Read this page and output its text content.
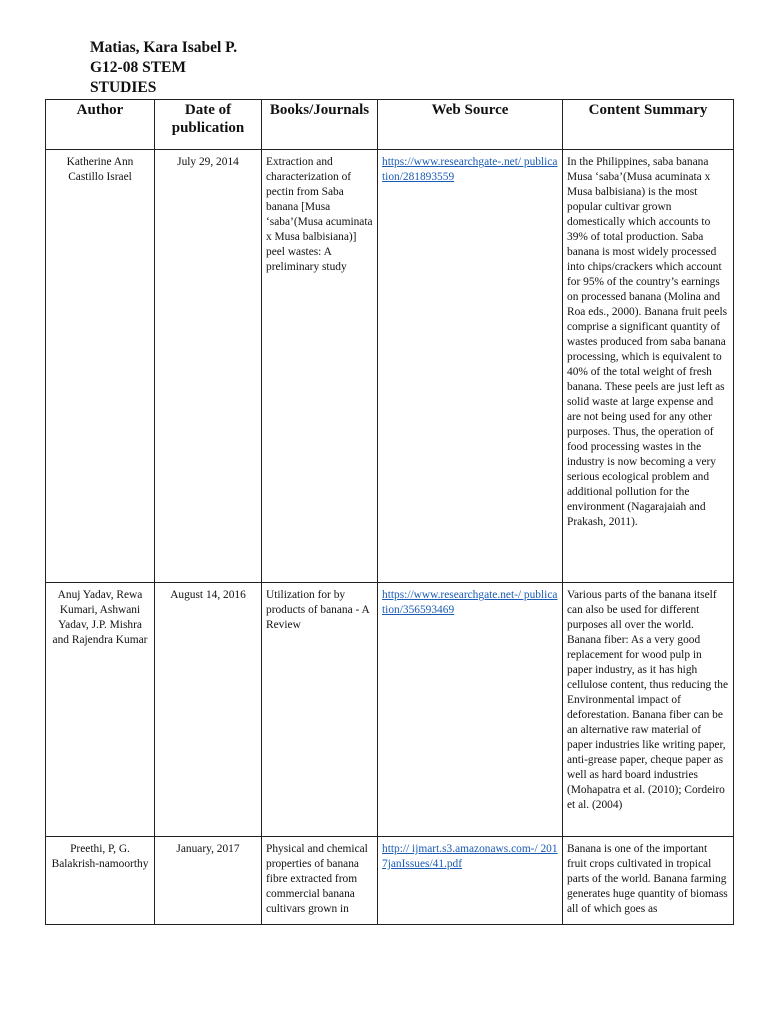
Matias, Kara Isabel P.
G12-08 STEM
STUDIES
Author	Date of publication	Books/Journals	Web Source	Content Summary
Katherine Ann Castillo Israel	July 29, 2014	Extraction and characterization of pectin from Saba banana [Musa ‘saba’(Musa acuminata x Musa balbisiana)] peel wastes: A preliminary study	https://www.researchgate-.net/ publication/281893559	In the Philippines, saba banana Musa ‘saba’(Musa acuminata x Musa balbisiana) is the most popular cultivar grown domestically which accounts to 39% of total production. Saba banana is most widely processed into chips/crackers which account for 95% of the country’s earnings on processed banana (Molina and Roa eds., 2000). Banana fruit peels comprise a significant quantity of wastes produced from saba banana processing, which is equivalent to 40% of the total weight of fresh banana. These peels are just left as solid waste at large expense and are not being used for any other purposes. Thus, the operation of food processing wastes in the industry is now becoming a very serious ecological problem and additional pollution for the environment (Nagarajaiah and Prakash, 2011).
Anuj Yadav, Rewa Kumari, Ashwani Yadav, J.P. Mishra and Rajendra Kumar	August 14, 2016	Utilization for by products of banana - A Review	https://www.researchgate.net-/ publication/356593469	Various parts of the banana itself can also be used for different purposes all over the world. Banana fiber: As a very good replacement for wood pulp in paper industry, as it has high cellulose content, thus reducing the Environmental impact of deforestation. Banana fiber can be an alternative raw material of paper industries like writing paper, anti-grease paper, cheque paper as well as hard board industries (Mohapatra et al. (2010); Cordeiro et al. (2004)
Preethi, P, G. Balakrish-namoorthy	January, 2017	Physical and chemical properties of banana fibre extracted from commercial banana cultivars grown in	http:// ijmart.s3.amazonaws.com-/ 2017janIssues/41.pdf	Banana is one of the important fruit crops cultivated in tropical parts of the world. Banana farming generates huge quantity of biomass all of which goes as
